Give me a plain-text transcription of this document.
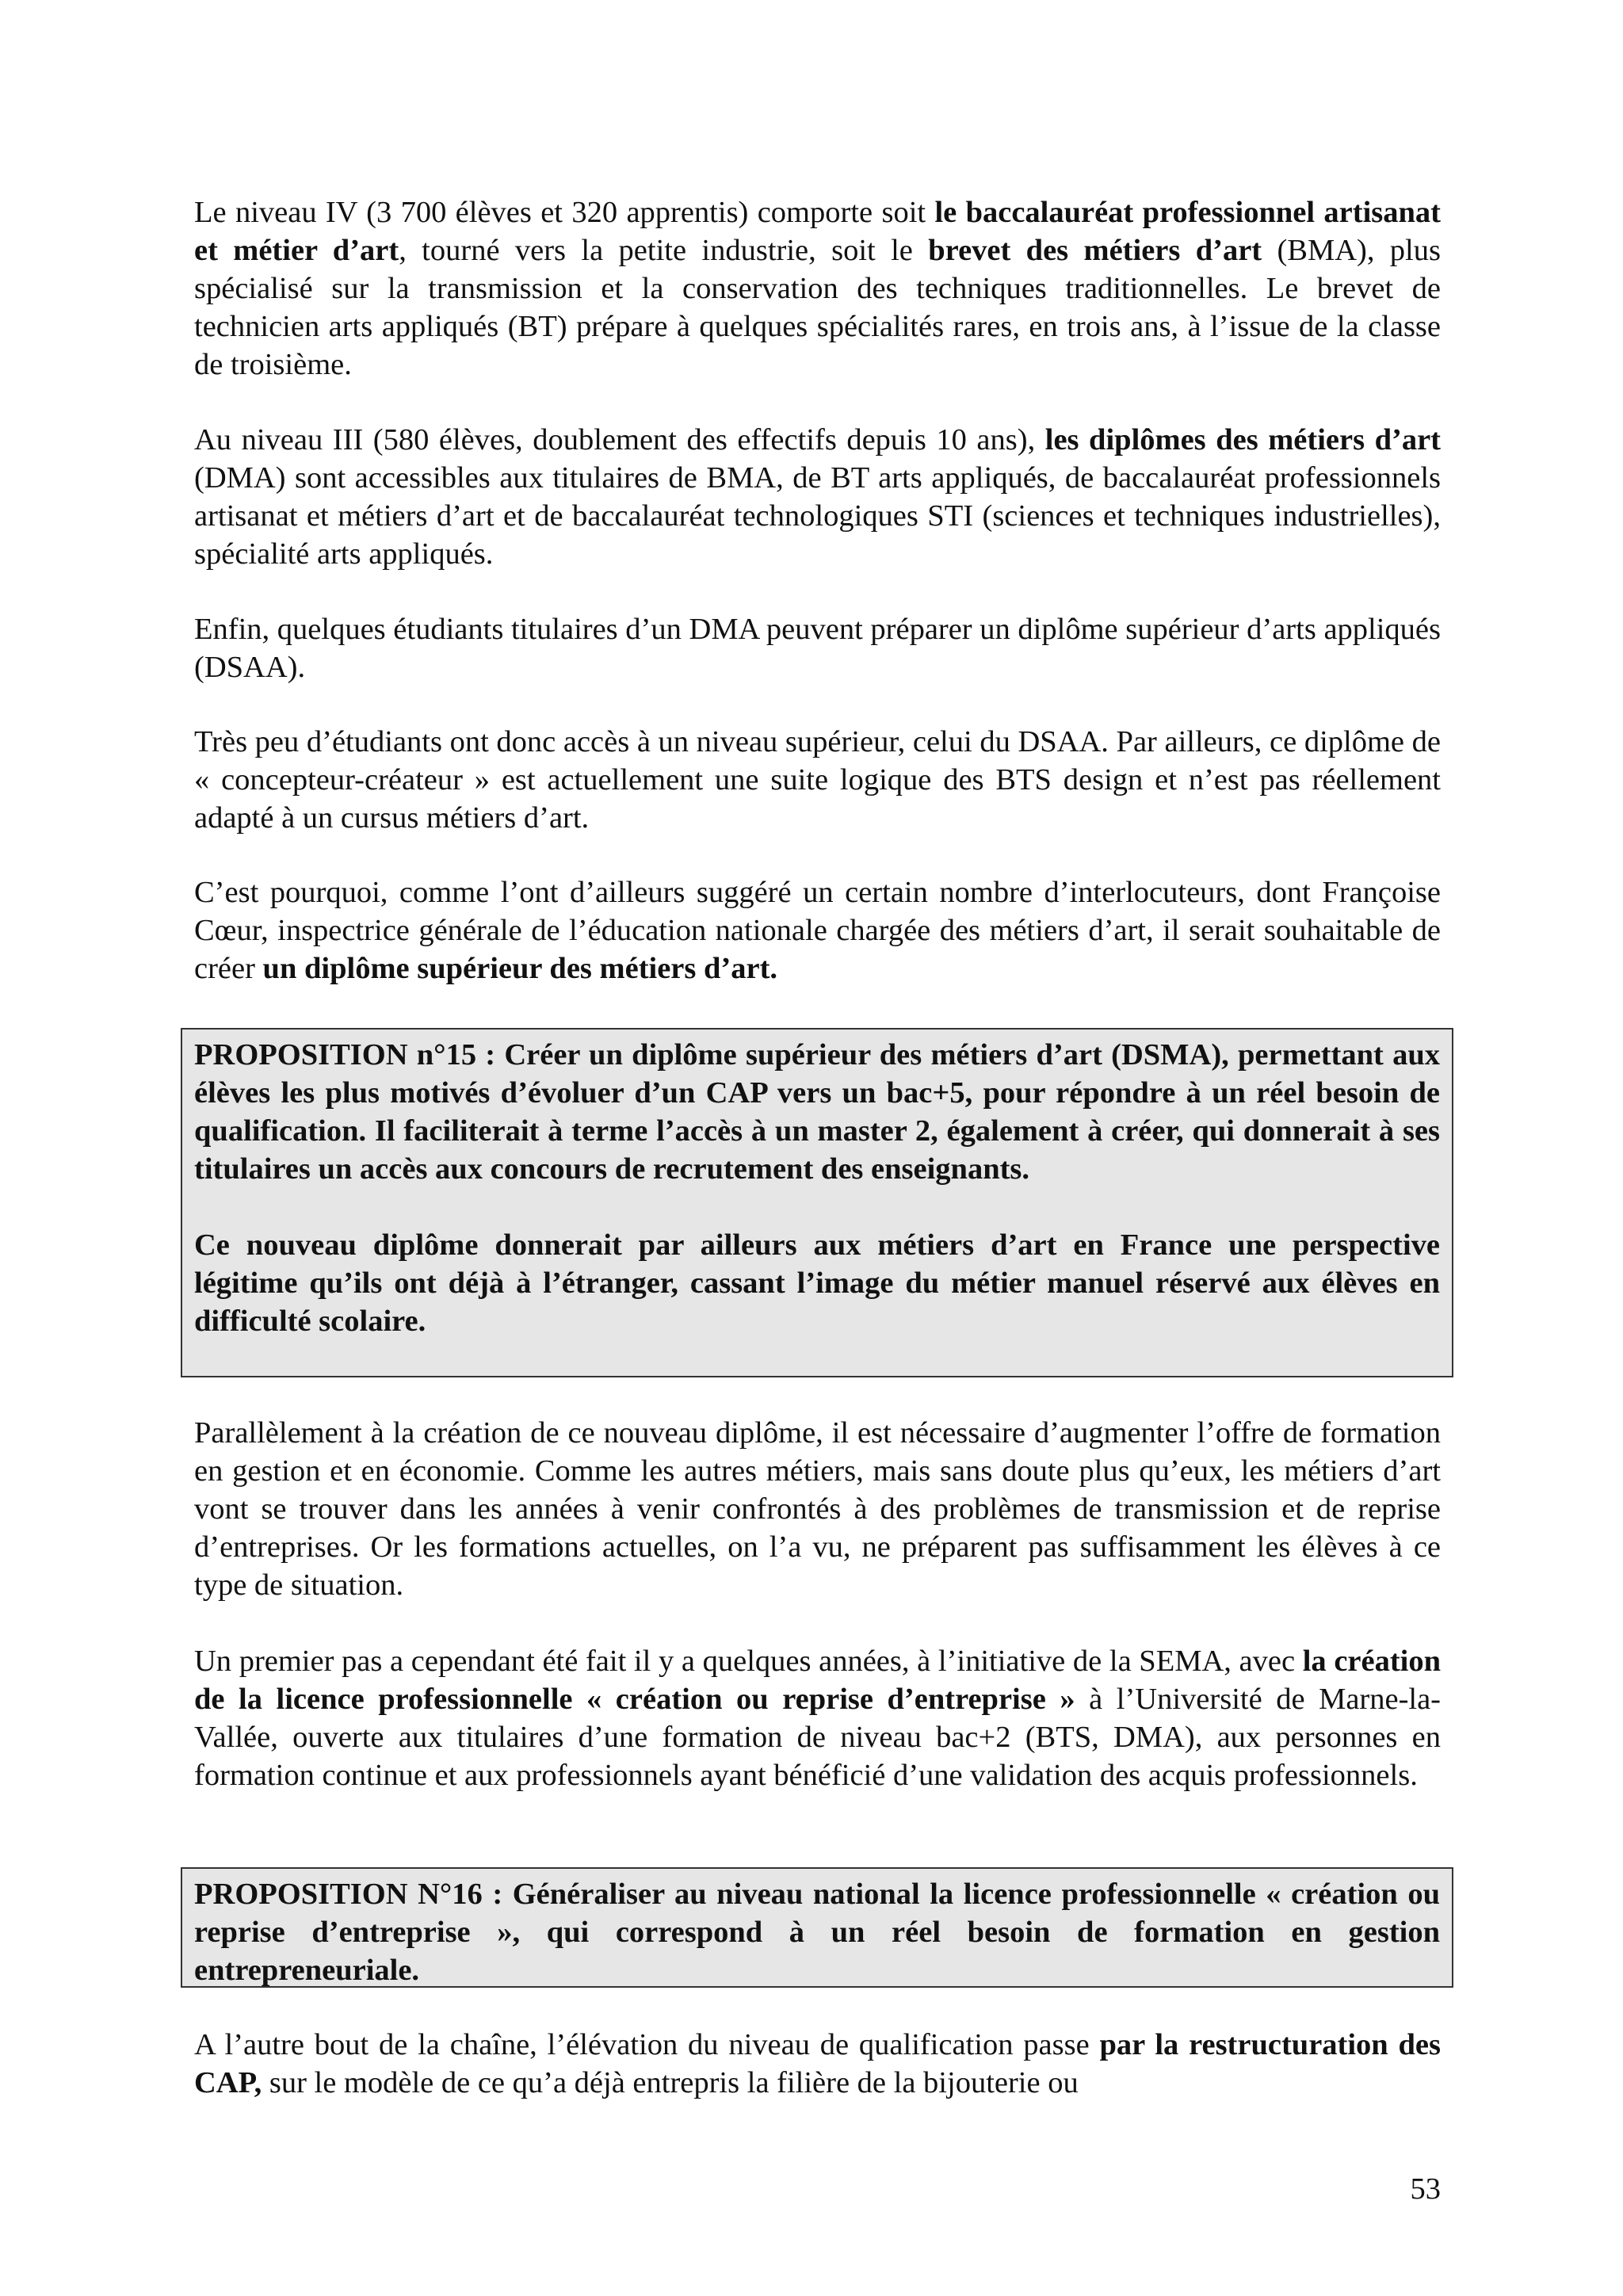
Le niveau IV (3 700 élèves et 320 apprentis) comporte soit le baccalauréat professionnel artisanat et métier d’art, tourné vers la petite industrie, soit le brevet des métiers d’art (BMA), plus spécialisé sur la transmission et la conservation des techniques traditionnelles. Le brevet de technicien arts appliqués (BT) prépare à quelques spécialités rares, en trois ans, à l’issue de la classe de troisième.

Au niveau III (580 élèves, doublement des effectifs depuis 10 ans), les diplômes des métiers d’art (DMA) sont accessibles aux titulaires de BMA, de BT arts appliqués, de baccalauréat professionnels artisanat et métiers d’art et de baccalauréat technologiques STI (sciences et techniques industrielles), spécialité arts appliqués.

Enfin, quelques étudiants titulaires d’un DMA peuvent préparer un diplôme supérieur d’arts appliqués (DSAA).

Très peu d’étudiants ont donc accès à un niveau supérieur, celui du DSAA. Par ailleurs, ce diplôme de « concepteur-créateur » est actuellement une suite logique des BTS design et n’est pas réellement adapté à un cursus métiers d’art.

C’est pourquoi, comme l’ont d’ailleurs suggéré un certain nombre d’interlocuteurs, dont Françoise Cœur, inspectrice générale de l’éducation nationale chargée des métiers d’art, il serait souhaitable de créer un diplôme supérieur des métiers d’art.

PROPOSITION n°15 : Créer un diplôme supérieur des métiers d’art (DSMA), permettant aux élèves les plus motivés d’évoluer d’un CAP vers un bac+5, pour répondre à un réel besoin de qualification. Il faciliterait à terme l’accès à un master 2, également à créer, qui donnerait à ses titulaires un accès aux concours de recrutement des enseignants.

Ce nouveau diplôme donnerait par ailleurs aux métiers d’art en France une perspective légitime qu’ils ont déjà à l’étranger, cassant l’image du métier manuel réservé aux élèves en difficulté scolaire.

Parallèlement à la création de ce nouveau diplôme, il est nécessaire d’augmenter l’offre de formation en gestion et en économie. Comme les autres métiers, mais sans doute plus qu’eux, les métiers d’art vont se trouver dans les années à venir confrontés à des problèmes de transmission et de reprise d’entreprises. Or les formations actuelles, on l’a vu, ne préparent pas suffisamment les élèves à ce type de situation.

Un premier pas a cependant été fait il y a quelques années, à l’initiative de la SEMA, avec la création de la licence professionnelle « création ou reprise d’entreprise » à l’Université de Marne-la-Vallée, ouverte aux titulaires d’une formation de niveau bac+2 (BTS, DMA), aux personnes en formation continue et aux professionnels ayant bénéficié d’une validation des acquis professionnels.

PROPOSITION N°16 : Généraliser au niveau national la licence professionnelle « création ou reprise d’entreprise », qui correspond à un réel besoin de formation en gestion entrepreneuriale.

A l’autre bout de la chaîne, l’élévation du niveau de qualification passe par la restructuration des CAP, sur le modèle de ce qu’a déjà entrepris la filière de la bijouterie ou

53
